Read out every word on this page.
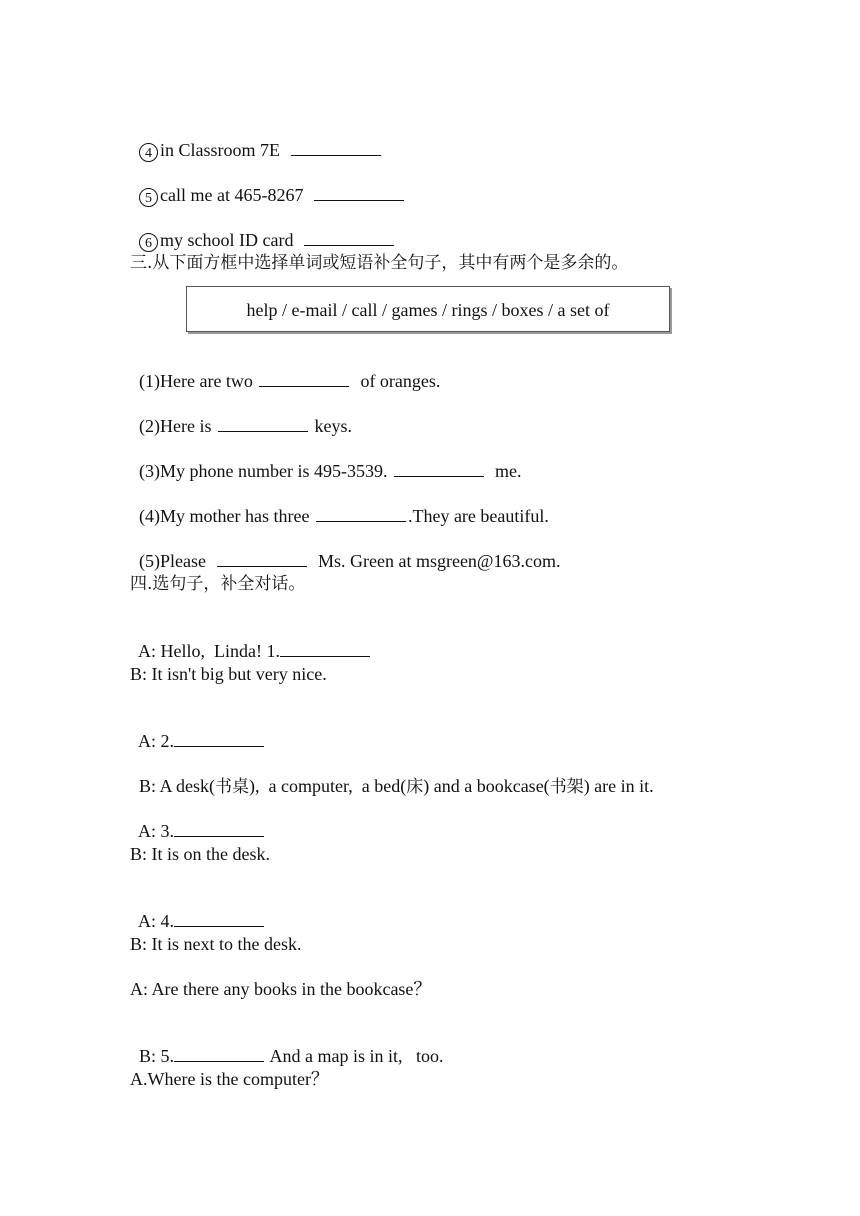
4 in Classroom 7E

5 call me at 465-8267

6 my school ID card

三.从下面方框中选择单词或短语补全句子，其中有两个是多余的。
help / e-mail / call / games / rings / boxes / a set of

(1)Here are two	of oranges.

(2)Here is	keys.

(3)My phone number is 495-3539.	me.

(4)My mother has three	.They are beautiful.

(5)Please	Ms. Green at msgreen@163.com.

四.选句子，补全对话。

A: Hello,  Linda! 1.

B: It isn't big but very nice.

A: 2.

B: A desk(书桌),  a computer,  a bed(床) and a bookcase(书架) are in it.

A: 3.

B: It is on the desk.

A: 4.

B: It is next to the desk.
A: Are there any books in the bookcase？

B: 5.	And a map is in it,   too.

A.Where is the computer？
